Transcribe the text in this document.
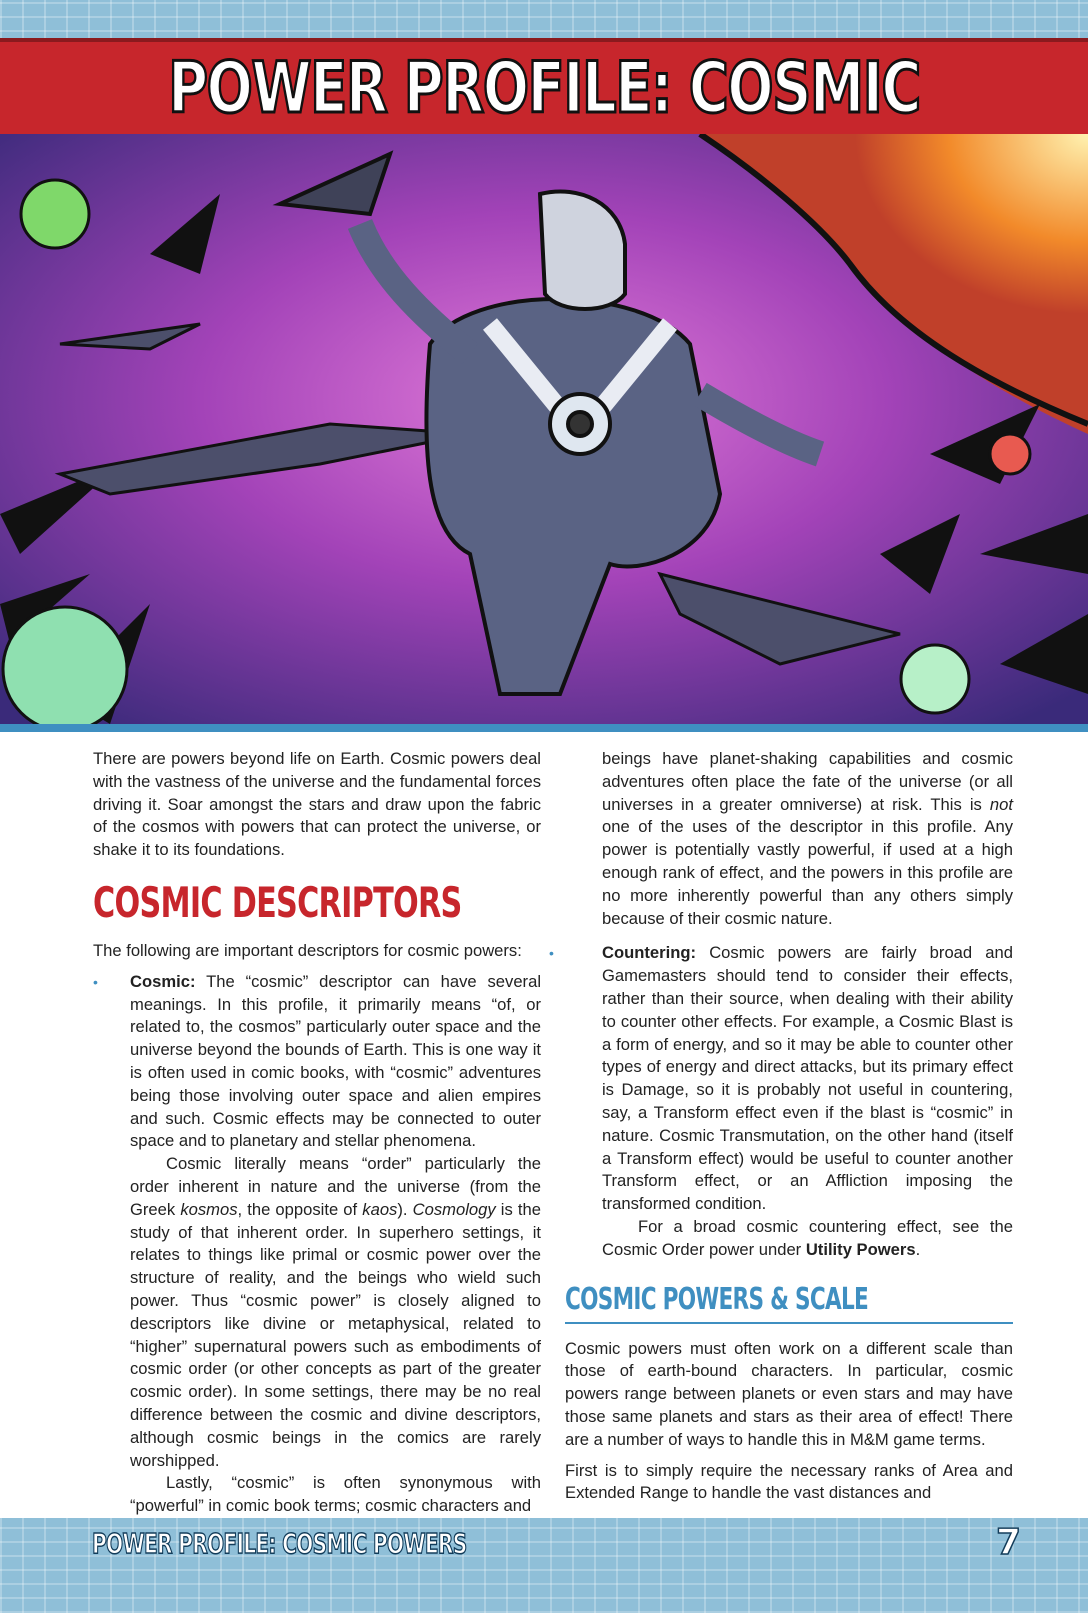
POWER PROFILE: COSMIC

There are powers beyond life on Earth. Cosmic powers deal with the vastness of the universe and the fundamental forces driving it. Soar amongst the stars and draw upon the fabric of the cosmos with powers that can protect the universe, or shake it to its foundations.

COSMIC DESCRIPTORS

The following are important descriptors for cosmic powers:

• Cosmic: The “cosmic” descriptor can have several meanings. In this profile, it primarily means “of, or related to, the cosmos” particularly outer space and the universe beyond the bounds of Earth. This is one way it is often used in comic books, with “cosmic” adventures being those involving outer space and alien empires and such. Cosmic effects may be connected to outer space and to planetary and stellar phenomena.

Cosmic literally means “order” particularly the order inherent in nature and the universe (from the Greek kosmos, the opposite of kaos). Cosmology is the study of that inherent order. In superhero settings, it relates to things like primal or cosmic power over the structure of reality, and the beings who wield such power. Thus “cosmic power” is closely aligned to descriptors like divine or metaphysical, related to “higher” supernatural powers such as embodiments of cosmic order (or other concepts as part of the greater cosmic order). In some settings, there may be no real difference between the cosmic and divine descriptors, although cosmic beings in the comics are rarely worshipped.

Lastly, “cosmic” is often synonymous with “powerful” in comic book terms; cosmic characters and

beings have planet-shaking capabilities and cosmic adventures often place the fate of the universe (or all universes in a greater omniverse) at risk. This is not one of the uses of the descriptor in this profile. Any power is potentially vastly powerful, if used at a high enough rank of effect, and the powers in this profile are no more inherently powerful than any others simply because of their cosmic nature.

•	Countering: Cosmic powers are fairly broad and Gamemasters should tend to consider their effects, rather than their source, when dealing with their ability to counter other effects. For example, a Cosmic Blast is a form of energy, and so it may be able to counter other types of energy and direct attacks, but its primary effect is Damage, so it is probably not useful in countering, say, a Transform effect even if the blast is “cosmic” in nature. Cosmic Transmutation, on the other hand (itself a Transform effect) would be useful to counter another Transform effect, or an Affliction imposing the transformed condition.

For a broad cosmic countering effect, see the Cosmic Order power under Utility Powers.

COSMIC POWERS & SCALE

Cosmic powers must often work on a different scale than those of earth-bound characters. In particular, cosmic powers range between planets or even stars and may have those same planets and stars as their area of effect! There are a number of ways to handle this in M&M game terms.

First is to simply require the necessary ranks of Area and Extended Range to handle the vast distances and

POWER PROFILE: COSMIC POWERS	7
